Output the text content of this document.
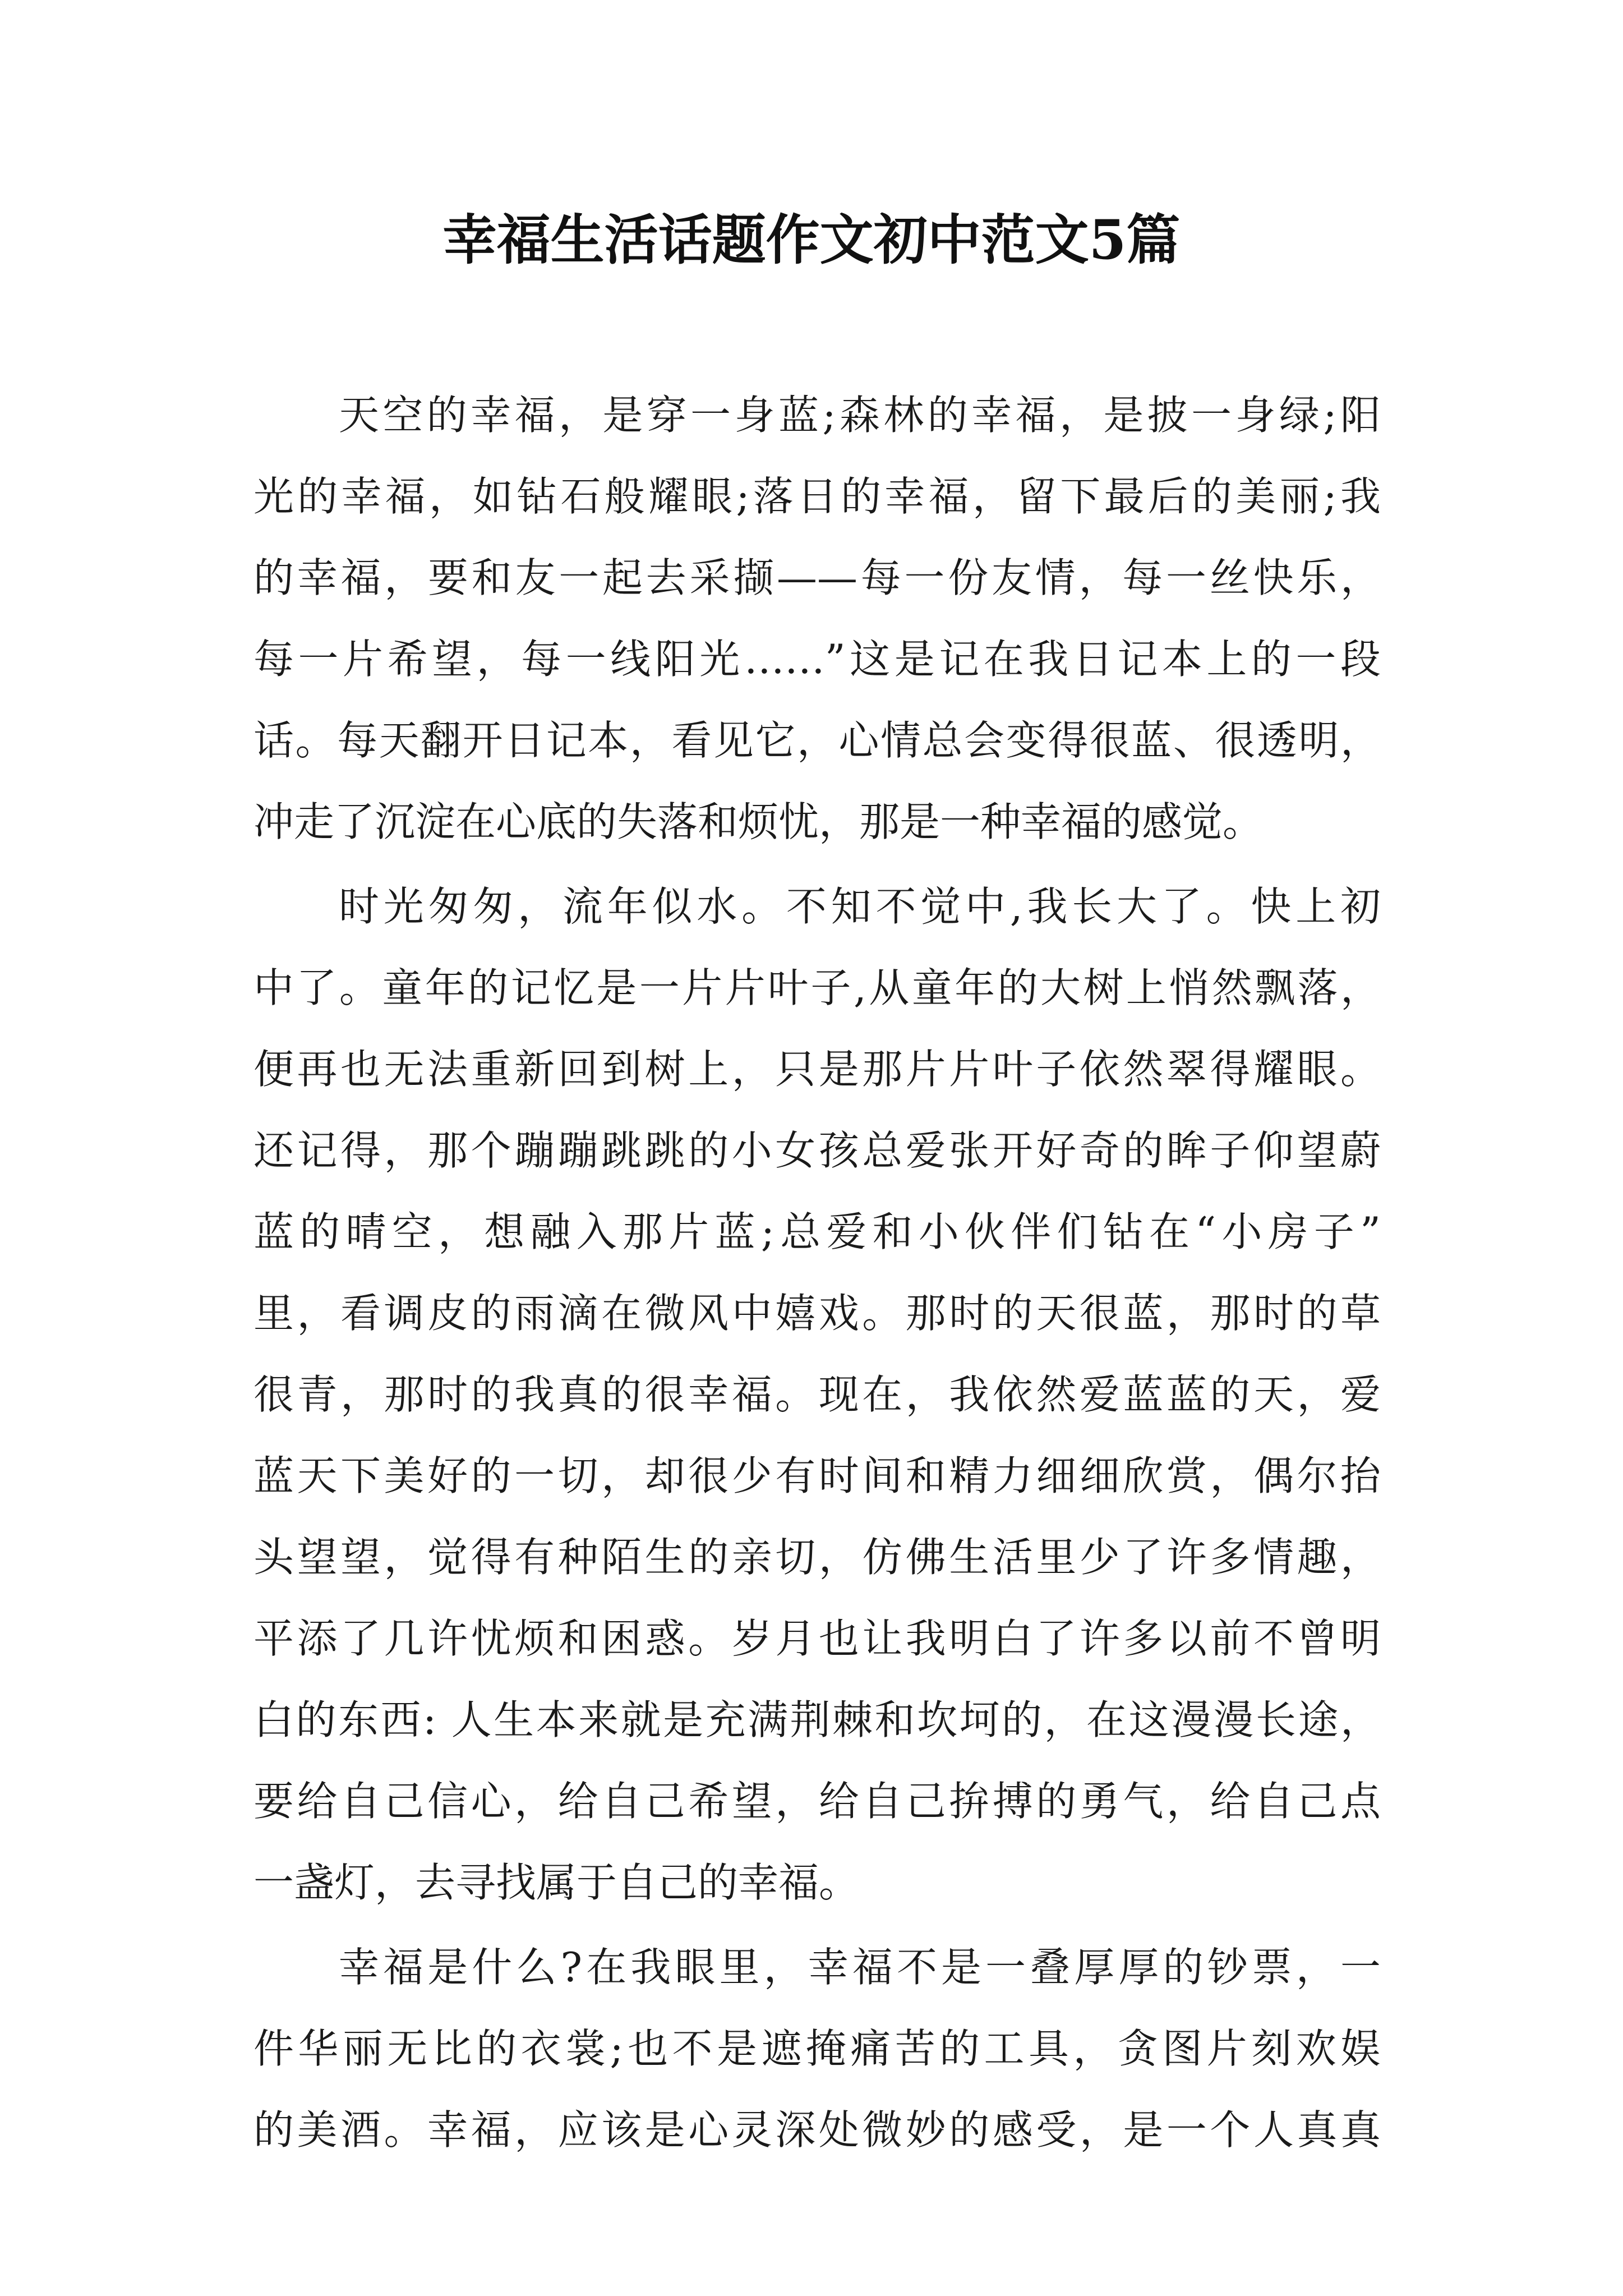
幸福生活话题作文初中范文5篇
天空的幸福，是穿一身蓝;森林的幸福，是披一身绿;阳
光的幸福，如钻石般耀眼;落日的幸福，留下最后的美丽;我
的幸福，要和友一起去采撷——每一份友情，每一丝快乐，
每一片希望，每一线阳光……”这是记在我日记本上的一段
话。每天翻开日记本，看见它，心情总会变得很蓝、很透明，
冲走了沉淀在心底的失落和烦忧，那是一种幸福的感觉。
时光匆匆，流年似水。不知不觉中,我长大了。快上初
中了。童年的记忆是一片片叶子,从童年的大树上悄然飘落，
便再也无法重新回到树上，只是那片片叶子依然翠得耀眼。
还记得，那个蹦蹦跳跳的小女孩总爱张开好奇的眸子仰望蔚
蓝的晴空，想融入那片蓝;总爱和小伙伴们钻在“小房子”
里，看调皮的雨滴在微风中嬉戏。那时的天很蓝，那时的草
很青，那时的我真的很幸福。现在，我依然爱蓝蓝的天，爱
蓝天下美好的一切，却很少有时间和精力细细欣赏，偶尔抬
头望望，觉得有种陌生的亲切，仿佛生活里少了许多情趣，
平添了几许忧烦和困惑。岁月也让我明白了许多以前不曾明
白的东西: 人生本来就是充满荆棘和坎坷的，在这漫漫长途，
要给自己信心，给自己希望，给自己拚搏的勇气，给自己点
一盏灯，去寻找属于自己的幸福。
幸福是什么?在我眼里，幸福不是一叠厚厚的钞票，一
件华丽无比的衣裳;也不是遮掩痛苦的工具，贪图片刻欢娱
的美酒。幸福，应该是心灵深处微妙的感受，是一个人真真
